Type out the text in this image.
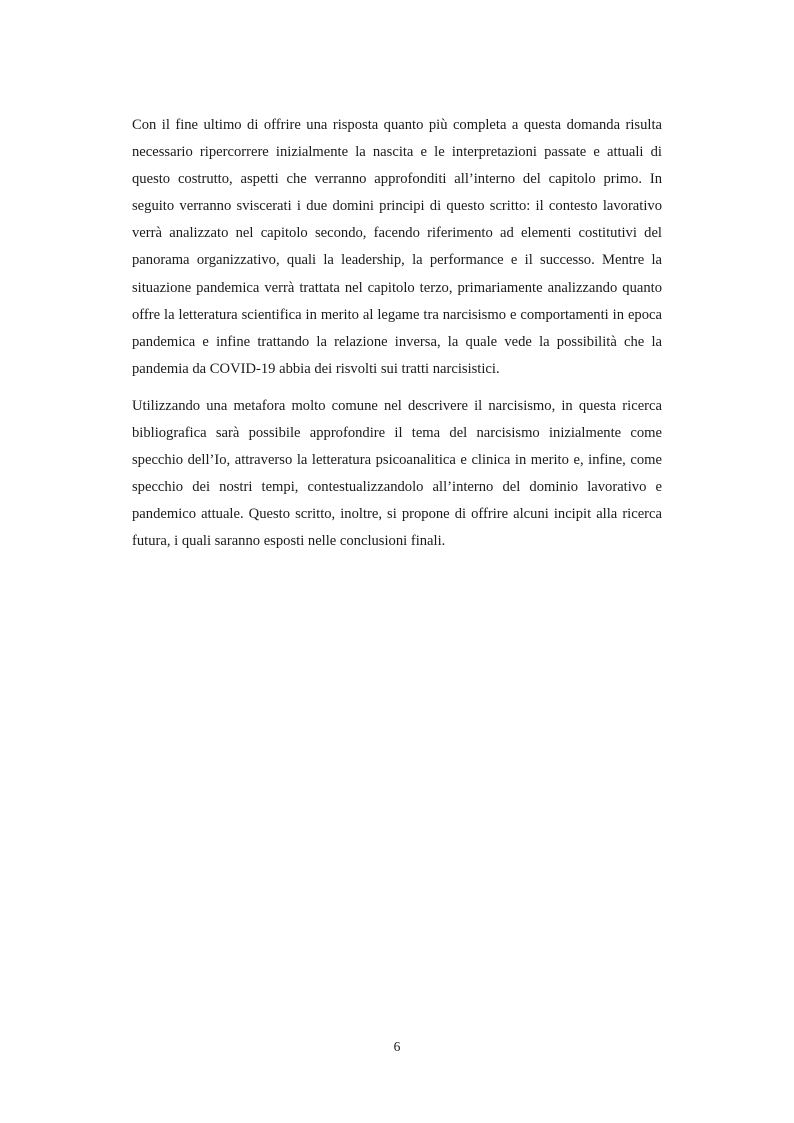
Con il fine ultimo di offrire una risposta quanto più completa a questa domanda risulta necessario ripercorrere inizialmente la nascita e le interpretazioni passate e attuali di questo costrutto, aspetti che verranno approfonditi all’interno del capitolo primo. In seguito verranno sviscerati i due domini principi di questo scritto: il contesto lavorativo verrà analizzato nel capitolo secondo, facendo riferimento ad elementi costitutivi del panorama organizzativo, quali la leadership, la performance e il successo. Mentre la situazione pandemica verrà trattata nel capitolo terzo, primariamente analizzando quanto offre la letteratura scientifica in merito al legame tra narcisismo e comportamenti in epoca pandemica e infine trattando la relazione inversa, la quale vede la possibilità che la pandemia da COVID-19 abbia dei risvolti sui tratti narcisistici.

Utilizzando una metafora molto comune nel descrivere il narcisismo, in questa ricerca bibliografica sarà possibile approfondire il tema del narcisismo inizialmente come specchio dell’Io, attraverso la letteratura psicoanalitica e clinica in merito e, infine, come specchio dei nostri tempi, contestualizzandolo all’interno del dominio lavorativo e pandemico attuale. Questo scritto, inoltre, si propone di offrire alcuni incipit alla ricerca futura, i quali saranno esposti nelle conclusioni finali.

6
